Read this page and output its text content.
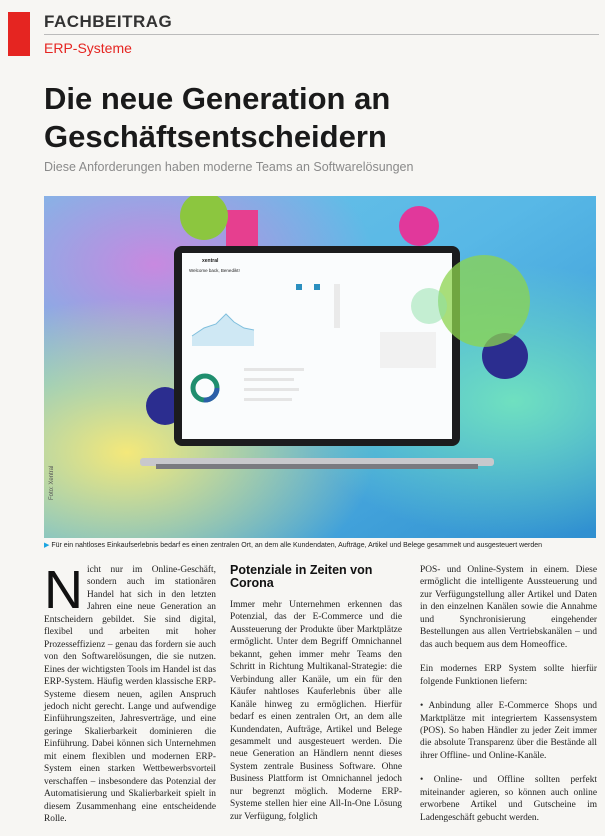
FACHBEITRAG
ERP-Systeme
Die neue Generation an
Geschäftsentscheidern
Diese Anforderungen haben moderne Teams an Softwarelösungen
xentral
Welcome back, Benedikt!
Foto: Xentral
▶ Für ein nahtloses Einkaufserlebnis bedarf es einen zentralen Ort, an dem alle Kundendaten, Aufträge, Artikel und Belege gesammelt und ausgesteuert werden
N icht nur im Online-Geschäft, sondern auch im stationären Handel hat sich in den letzten Jahren eine neue Generation an Entscheidern gebildet. Sie sind digital, flexibel und arbeiten mit hoher Prozesseffizienz – genau das fordern sie auch von den Softwarelösungen, die sie nutzen. Eines der wichtigsten Tools im Handel ist das ERP-System. Häufig werden klassische ERP-Systeme diesem neuen, agilen Anspruch jedoch nicht gerecht. Lange und aufwendige Einführungszeiten, Jahresverträge, und eine geringe Skalierbarkeit dominieren die Einführung. Dabei können sich Unternehmen mit einem flexiblen und modernen ERP-System einen starken Wettbewerbsvorteil verschaffen – insbesondere das Potenzial der Automatisierung und Skalierbarkeit spielt in diesem Zusammenhang eine entscheidende Rolle.

Potenziale in Zeiten von Corona

Immer mehr Unternehmen erkennen das Potenzial, das der E-Commerce und die Aussteuerung der Produkte über Marktplätze ermöglicht. Unter dem Begriff Omnichannel bekannt, gehen immer mehr Teams den Schritt in Richtung Multikanal-Strategie: die Verbindung aller Kanäle, um ein für den Käufer nahtloses Kauferlebnis über alle Kanäle hinweg zu ermöglichen. Hierfür bedarf es einen zentralen Ort, an dem alle Kundendaten, Aufträge, Artikel und Belege gesammelt und ausgesteuert werden. Die neue Generation an Händlern nennt dieses System zentrale Business Software. Ohne Business Plattform ist Omnichannel jedoch nur begrenzt möglich. Moderne ERP-Systeme stellen hier eine All-In-One Lösung zur Verfügung, folglich

POS- und Online-System in einem. Diese ermöglicht die intelligente Aussteuerung und zur Verfügungstellung aller Artikel und Daten in den einzelnen Kanälen sowie die Annahme und Synchronisierung eingehender Bestellungen aus allen Vertriebskanälen – und das auch bequem aus dem Homeoffice.

Ein modernes ERP System sollte hierfür folgende Funktionen liefern:

• Anbindung aller E-Commerce Shops und Marktplätze mit integriertem Kassensystem (POS). So haben Händler zu jeder Zeit immer die absolute Transparenz über die Bestände all ihrer Offline- und Online-Kanäle.

• Online- und Offline sollten perfekt miteinander agieren, so können auch online erworbene Artikel und Gutscheine im Ladengeschäft gebucht werden.
